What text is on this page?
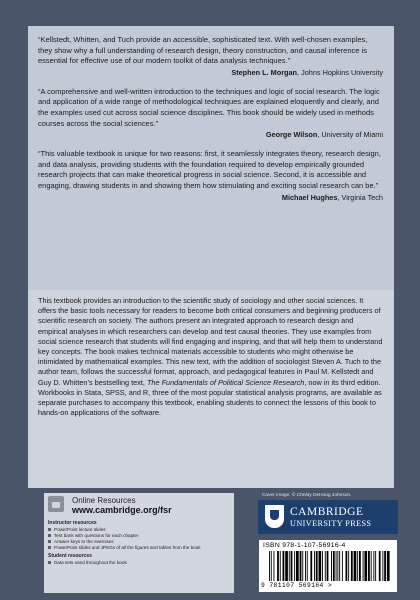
“Kellstedt, Whitten, and Tuch provide an accessible, sophisticated text. With well-chosen examples, they show why a full understanding of research design, theory construction, and causal inference is essential for effective use of our modern toolkit of data analysis techniques.”

Stephen L. Morgan, Johns Hopkins University

“A comprehensive and well-written introduction to the techniques and logic of social research. The logic and application of a wide range of methodological techniques are explained eloquently and clearly, and the examples used cut across social science disciplines. This book should be widely used in methods courses across the social sciences.”

George Wilson, University of Miami

“This valuable textbook is unique for two reasons: first, it seamlessly integrates theory, research design, and data analysis, providing students with the foundation required to develop empirically grounded research projects that can make theoretical progress in social science. Second, it is accessible and engaging, drawing students in and showing them how stimulating and exciting social research can be.”

Michael Hughes, Virginia Tech

This textbook provides an introduction to the scientific study of sociology and other social sciences. It offers the basic tools necessary for readers to become both critical consumers and beginning producers of scientific research on society. The authors present an integrated approach to research design and empirical analyses in which researchers can develop and test causal theories. They use examples from social science research that students will find engaging and inspiring, and that will help them to understand key concepts. The book makes technical materials accessible to students who might otherwise be intimidated by mathematical examples. This new text, with the addition of sociologist Steven A. Tuch to the author team, follows the successful format, approach, and pedagogical features in Paul M. Kellstedt and Guy D. Whitten’s bestselling text, The Fundamentals of Political Science Research, now in its third edition. Workbooks in Stata, SPSS, and R, three of the most popular statistical analysis programs, are available as separate purchases to accompany this textbook, enabling students to connect the lessons of this book to hands-on applications of the software.

Cover image: © Christy DeHoog Johnson.
Online Resources
www.cambridge.org/fsr
Instructor resources
PowerPoint lecture slides
Test bank with questions for each chapter
Answer keys to the exercises
PowerPoint slides and JPEGs of all the figures and tables from the book
Student resources
Data sets used throughout the book
CAMBRIDGE
UNIVERSITY PRESS
ISBN 978-1-107-56916-4
9 781107 569164 >
